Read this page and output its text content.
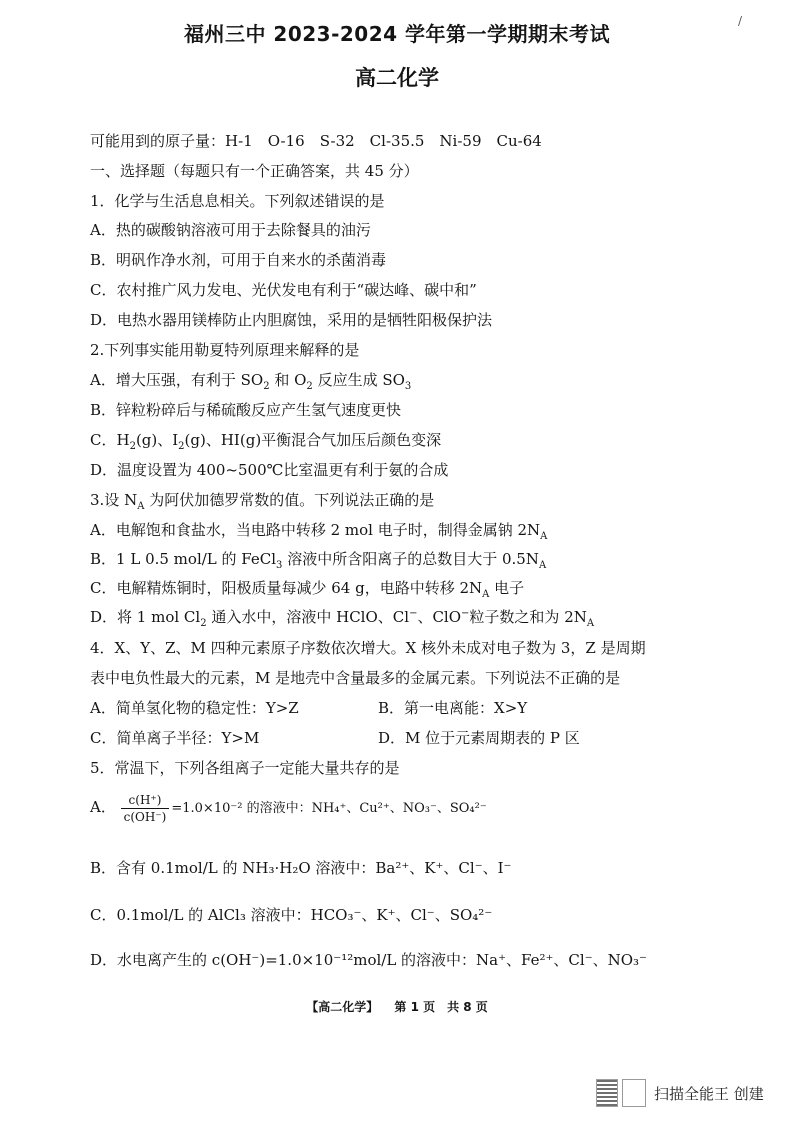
/
福州三中 2023-2024 学年第一学期期末考试
高二化学
可能用到的原子量：H-1　O-16　S-32　Cl-35.5　Ni-59　Cu-64
一、选择题（每题只有一个正确答案，共 45 分）
1．化学与生活息息相关。下列叙述错误的是
A．热的碳酸钠溶液可用于去除餐具的油污
B．明矾作净水剂，可用于自来水的杀菌消毒
C．农村推广风力发电、光伏发电有利于“碳达峰、碳中和”
D．电热水器用镁棒防止内胆腐蚀，采用的是牺牲阳极保护法
2.下列事实能用勒夏特列原理来解释的是
A．增大压强，有利于 $SO_2$ 和 $O_2$ 反应生成 $SO_3$
B．锌粒粉碎后与稀硫酸反应产生氢气速度更快
C．$H_2(g)$、$I_2(g)$、HI(g)平衡混合气加压后颜色变深
D．温度设置为 400~500℃比室温更有利于氨的合成
3.设 $N_A$ 为阿伏加德罗常数的值。下列说法正确的是
A．电解饱和食盐水，当电路中转移 2 mol 电子时，制得金属钠 $2N_A$
B．1 L 0.5 mol/L 的 FeCl$_3$ 溶液中所含阳离子的总数目大于 $0.5N_A$
C．电解精炼铜时，阳极质量每减少 64 g，电路中转移 $2N_A$ 电子
D．将 1 mol $Cl_2$ 通入水中，溶液中 HClO、Cl−、ClO−粒子数之和为 $2N_A$
4．X、Y、Z、M 四种元素原子序数依次增大。X 核外未成对电子数为 3，Z 是周期
表中电负性最大的元素，M 是地壳中含量最多的金属元素。下列说法不正确的是
A．简单氢化物的稳定性：Y>Z	B．第一电离能：X>Y
C．简单离子半径：Y>M	D．M 位于元素周期表的 P 区
5．常温下，下列各组离子一定能大量共存的是
A． $\frac{c(H^+)}{c(OH^-)} =1.0\times 10^{-2}$ 的溶液中：NH₄⁺、Cu²⁺、NO₃⁻、SO₄²⁻
B．含有 0.1mol/L 的 NH₃·H₂O 溶液中：Ba²⁺、K⁺、Cl⁻、I⁻
C．0.1mol/L 的 AlCl₃ 溶液中：HCO₃⁻、K⁺、Cl⁻、SO₄²⁻
D．水电离产生的 c(OH⁻)=1.0×10⁻¹²mol/L 的溶液中：Na⁺、Fe²⁺、Cl⁻、NO₃⁻
【高二化学】 第 1 页　共 8 页
扫描全能王 创建
